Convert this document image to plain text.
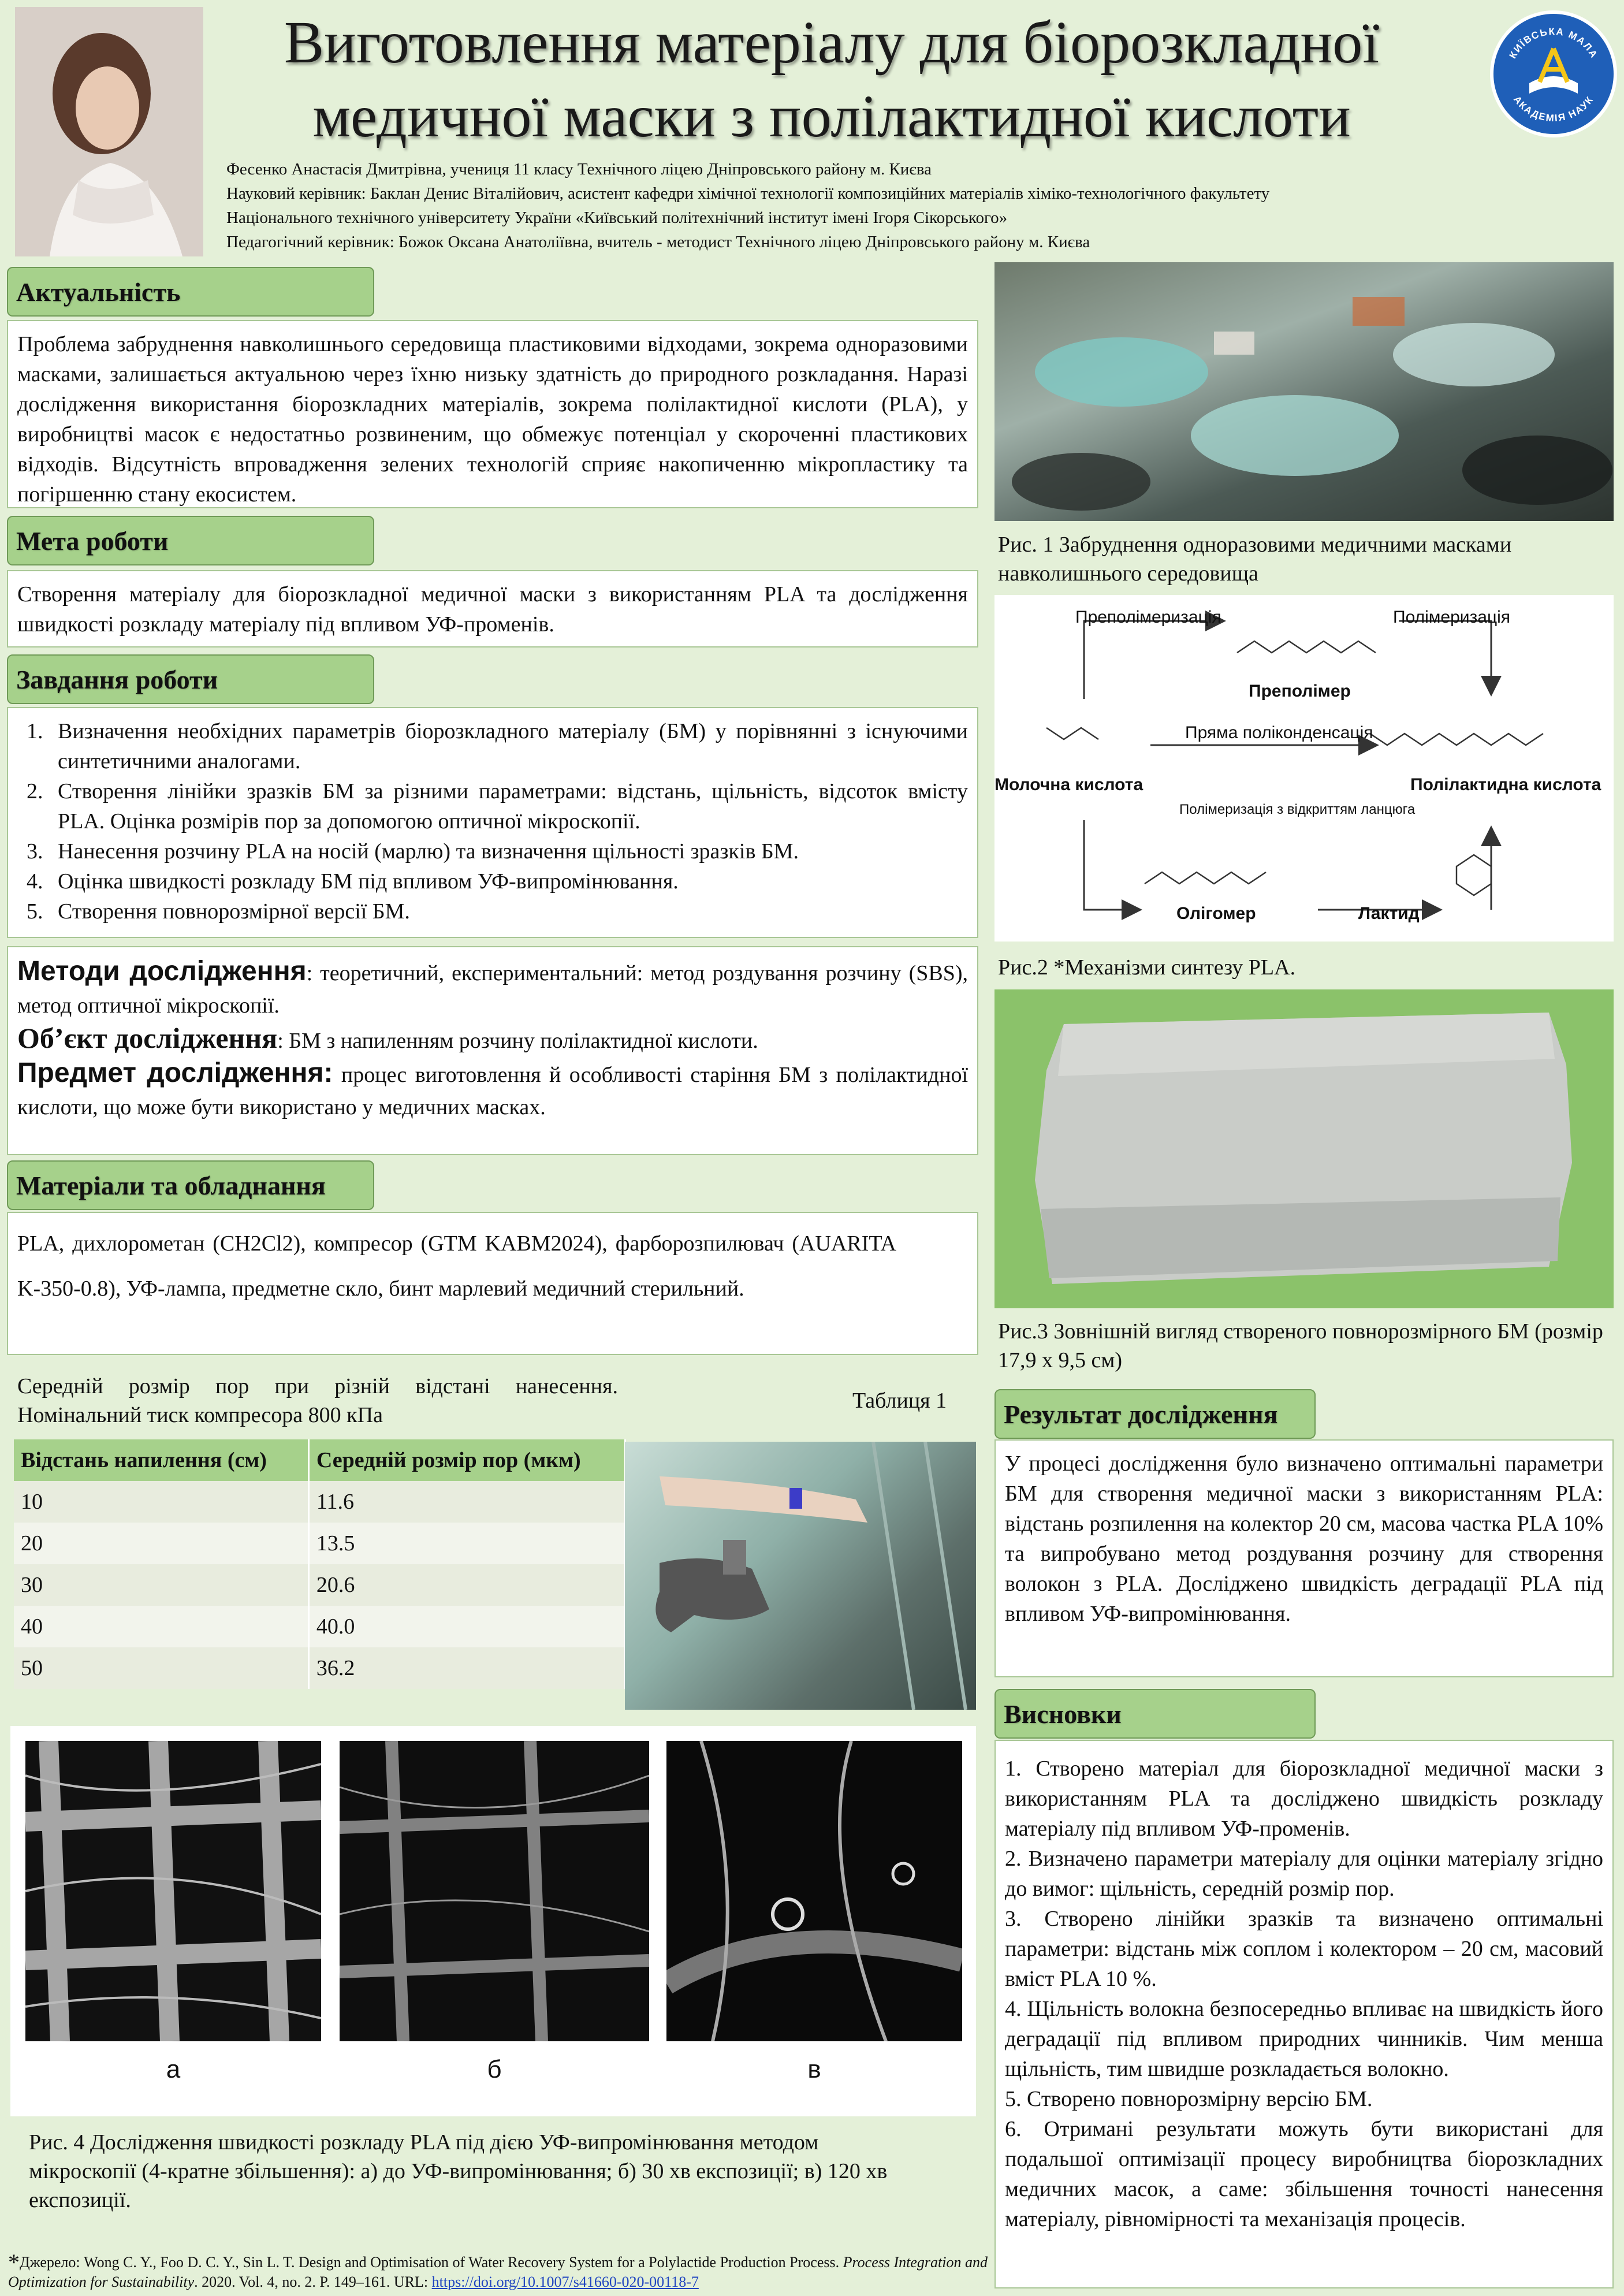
Виготовлення матеріалу для біорозкладної
медичної маски з полілактидної кислоти
КИЇВСЬКА МАЛА
АКАДЕМІЯ НАУК
Фесенко Анастасія Дмитрівна, учениця 11 класу Технічного ліцею Дніпровського району м. Києва
Науковий керівник: Баклан Денис Віталійович, асистент кафедри хімічної технології композиційних матеріалів хіміко-технологічного факультету
Національного технічного університету України «Київський політехнічний інститут імені Ігоря Сікорського»
Педагогічний керівник: Божок Оксана Анатоліївна, вчитель - методист Технічного ліцею Дніпровського району м. Києва
Актуальність
Проблема забруднення навколишнього середовища пластиковими відходами, зокрема одноразовими масками, залишається актуальною через їхню низьку здатність до природного розкладання. Наразі дослідження використання біорозкладних матеріалів, зокрема полілактидної кислоти (PLA), у виробництві масок є недостатньо розвиненим, що обмежує потенціал у скороченні пластикових відходів. Відсутність впровадження зелених технологій сприяє накопиченню мікропластику та погіршенню стану екосистем.
Мета роботи
Створення матеріалу для біорозкладної медичної маски з використанням PLA та дослідження швидкості розкладу матеріалу під впливом УФ-променів.
Завдання роботи
1. Визначення необхідних параметрів біорозкладного матеріалу (БМ) у порівнянні з існуючими синтетичними аналогами.
2. Створення лінійки зразків БМ за різними параметрами: відстань, щільність, відсоток вмісту PLA. Оцінка розмірів пор за допомогою оптичної мікроскопії.
3. Нанесення розчину PLA на носій (марлю) та визначення щільності зразків БМ.
4. Оцінка швидкості розкладу БМ під впливом УФ-випромінювання.
5. Створення повнорозмірної версії БМ.
Методи дослідження: теоретичний, експериментальний: метод роздування розчину (SBS), метод оптичної мікроскопії.
Об’єкт дослідження: БМ з напиленням розчину полілактидної кислоти.
Предмет дослідження: процес виготовлення й особливості старіння БМ з полілактидної кислоти, що може бути використано у медичних масках.
Матеріали та обладнання
PLA, дихлорометан (CH2Cl2), компресор (GTM KABM2024), фарборозпилювач (AUARITA K-350-0.8), УФ-лампа, предметне скло, бинт марлевий медичний стерильний.
Середній розмір пор при різній відстані нанесення. Номінальний тиск компресора 800 кПа
Таблиця 1
Відстань напилення (см)	Середній розмір пор (мкм)
10	11.6
20	13.5
30	20.6
40	40.0
50	36.2
а	б	в
Рис. 4 Дослідження швидкості розкладу PLA під дією УФ-випромінювання методом мікроскопії (4-кратне збільшення): а) до УФ-випромінювання; б) 30 хв експозиції; в) 120 хв експозиції.
*Джерело: Wong C. Y., Foo D. C. Y., Sin L. T. Design and Optimisation of Water Recovery System for a Polylactide Production Process. Process Integration and Optimization for Sustainability. 2020. Vol. 4, no. 2. P. 149–161. URL: https://doi.org/10.1007/s41660-020-00118-7
Рис. 1 Забруднення одноразовими медичними масками навколишнього середовища
Преполімеризація	Полімеризація
Преполімер
Пряма поліконденсація
Молочна кислота	Полілактидна кислота
Полімеризація з відкриттям ланцюга
Олігомер	Лактид
Рис.2 *Механізми синтезу PLA.
Рис.3 Зовнішній вигляд створеного повнорозмірного БМ (розмір 17,9 х 9,5 см)
Результат дослідження
У процесі дослідження було визначено оптимальні параметри БМ для створення медичної маски з використанням PLA: відстань розпилення на колектор 20 см, масова частка PLA 10% та випробувано метод роздування розчину для створення волокон з PLA. Досліджено швидкість деградації PLA під впливом УФ-випромінювання.
Висновки
1. Створено матеріал для біорозкладної медичної маски з використанням PLA та досліджено швидкість розкладу матеріалу під впливом УФ-променів.
2. Визначено параметри матеріалу для оцінки матеріалу згідно до вимог: щільність, середній розмір пор.
3. Створено лінійки зразків та визначено оптимальні параметри: відстань між соплом і колектором – 20 см, масовий вміст PLA 10 %.
4. Щільність волокна безпосередньо впливає на швидкість його деградації під впливом природних чинників. Чим менша щільність, тим швидше розкладається волокно.
5. Створено повнорозмірну версію БМ.
6. Отримані результати можуть бути використані для подальшої оптимізації процесу виробництва біорозкладних медичних масок, а саме: збільшення точності нанесення матеріалу, рівномірності та механізація процесів.
